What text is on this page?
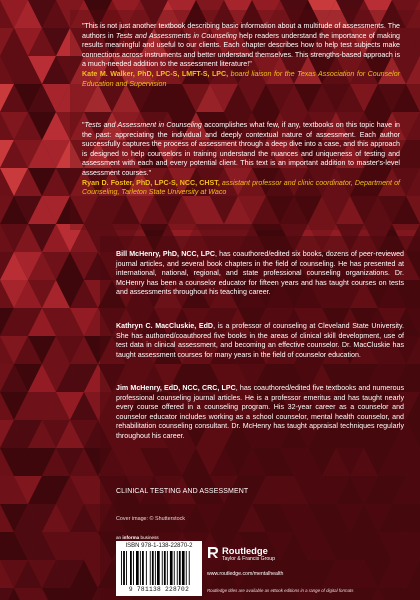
"This is not just another textbook describing basic information about a multitude of assessments. The authors in Tests and Assessments in Counseling help readers understand the importance of making results meaningful and useful to our clients. Each chapter describes how to help test subjects make connections across instruments and better understand themselves. This strengths-based approach is a much-needed addition to the assessment literature!"
Kate M. Walker, PhD, LPC-S, LMFT-S, LPC, board liaison for the Texas Association for Counselor Education and Supervision
"Tests and Assessment in Counseling accomplishes what few, if any, textbooks on this topic have in the past: appreciating the individual and deeply contextual nature of assessment. Each author successfully captures the process of assessment through a deep dive into a case, and this approach is designed to help counselors in training understand the nuances and uniqueness of testing and assessment with each and every potential client. This text is an important addition to master's-level assessment courses."
Ryan D. Foster, PhD, LPC-S, NCC, CHST, assistant professor and clinic coordinator, Department of Counseling, Tarleton State University at Waco

Bill McHenry, PhD, NCC, LPC, has coauthored/edited six books, dozens of peer-reviewed journal articles, and several book chapters in the field of counseling. He has presented at international, national, regional, and state professional counseling organizations. Dr. McHenry has been a counselor educator for fifteen years and has taught courses on tests and assessments throughout his teaching career.

Kathryn C. MacCluskie, EdD, is a professor of counseling at Cleveland State University. She has authored/coauthored five books in the areas of clinical skill development, use of test data in clinical assessment, and becoming an effective counselor. Dr. MacCluskie has taught assessment courses for many years in the field of counselor education.

Jim McHenry, EdD, NCC, CRC, LPC, has coauthored/edited five textbooks and numerous professional counseling journal articles. He is a professor emeritus and has taught nearly every course offered in a counseling program. His 32-year career as a counselor and counselor educator includes working as a school counselor, mental health counselor, and rehabilitation counseling consultant. Dr. McHenry has taught appraisal techniques regularly throughout his career.

CLINICAL TESTING AND ASSESSMENT
Cover image: © Shutterstock
an informa business
ISBN 978-1-138-22870-2
9 781138 228702
Routledge
Taylor & Francis Group
www.routledge.com/mentalhealth
Routledge titles are available as eBook editions in a range of digital formats
